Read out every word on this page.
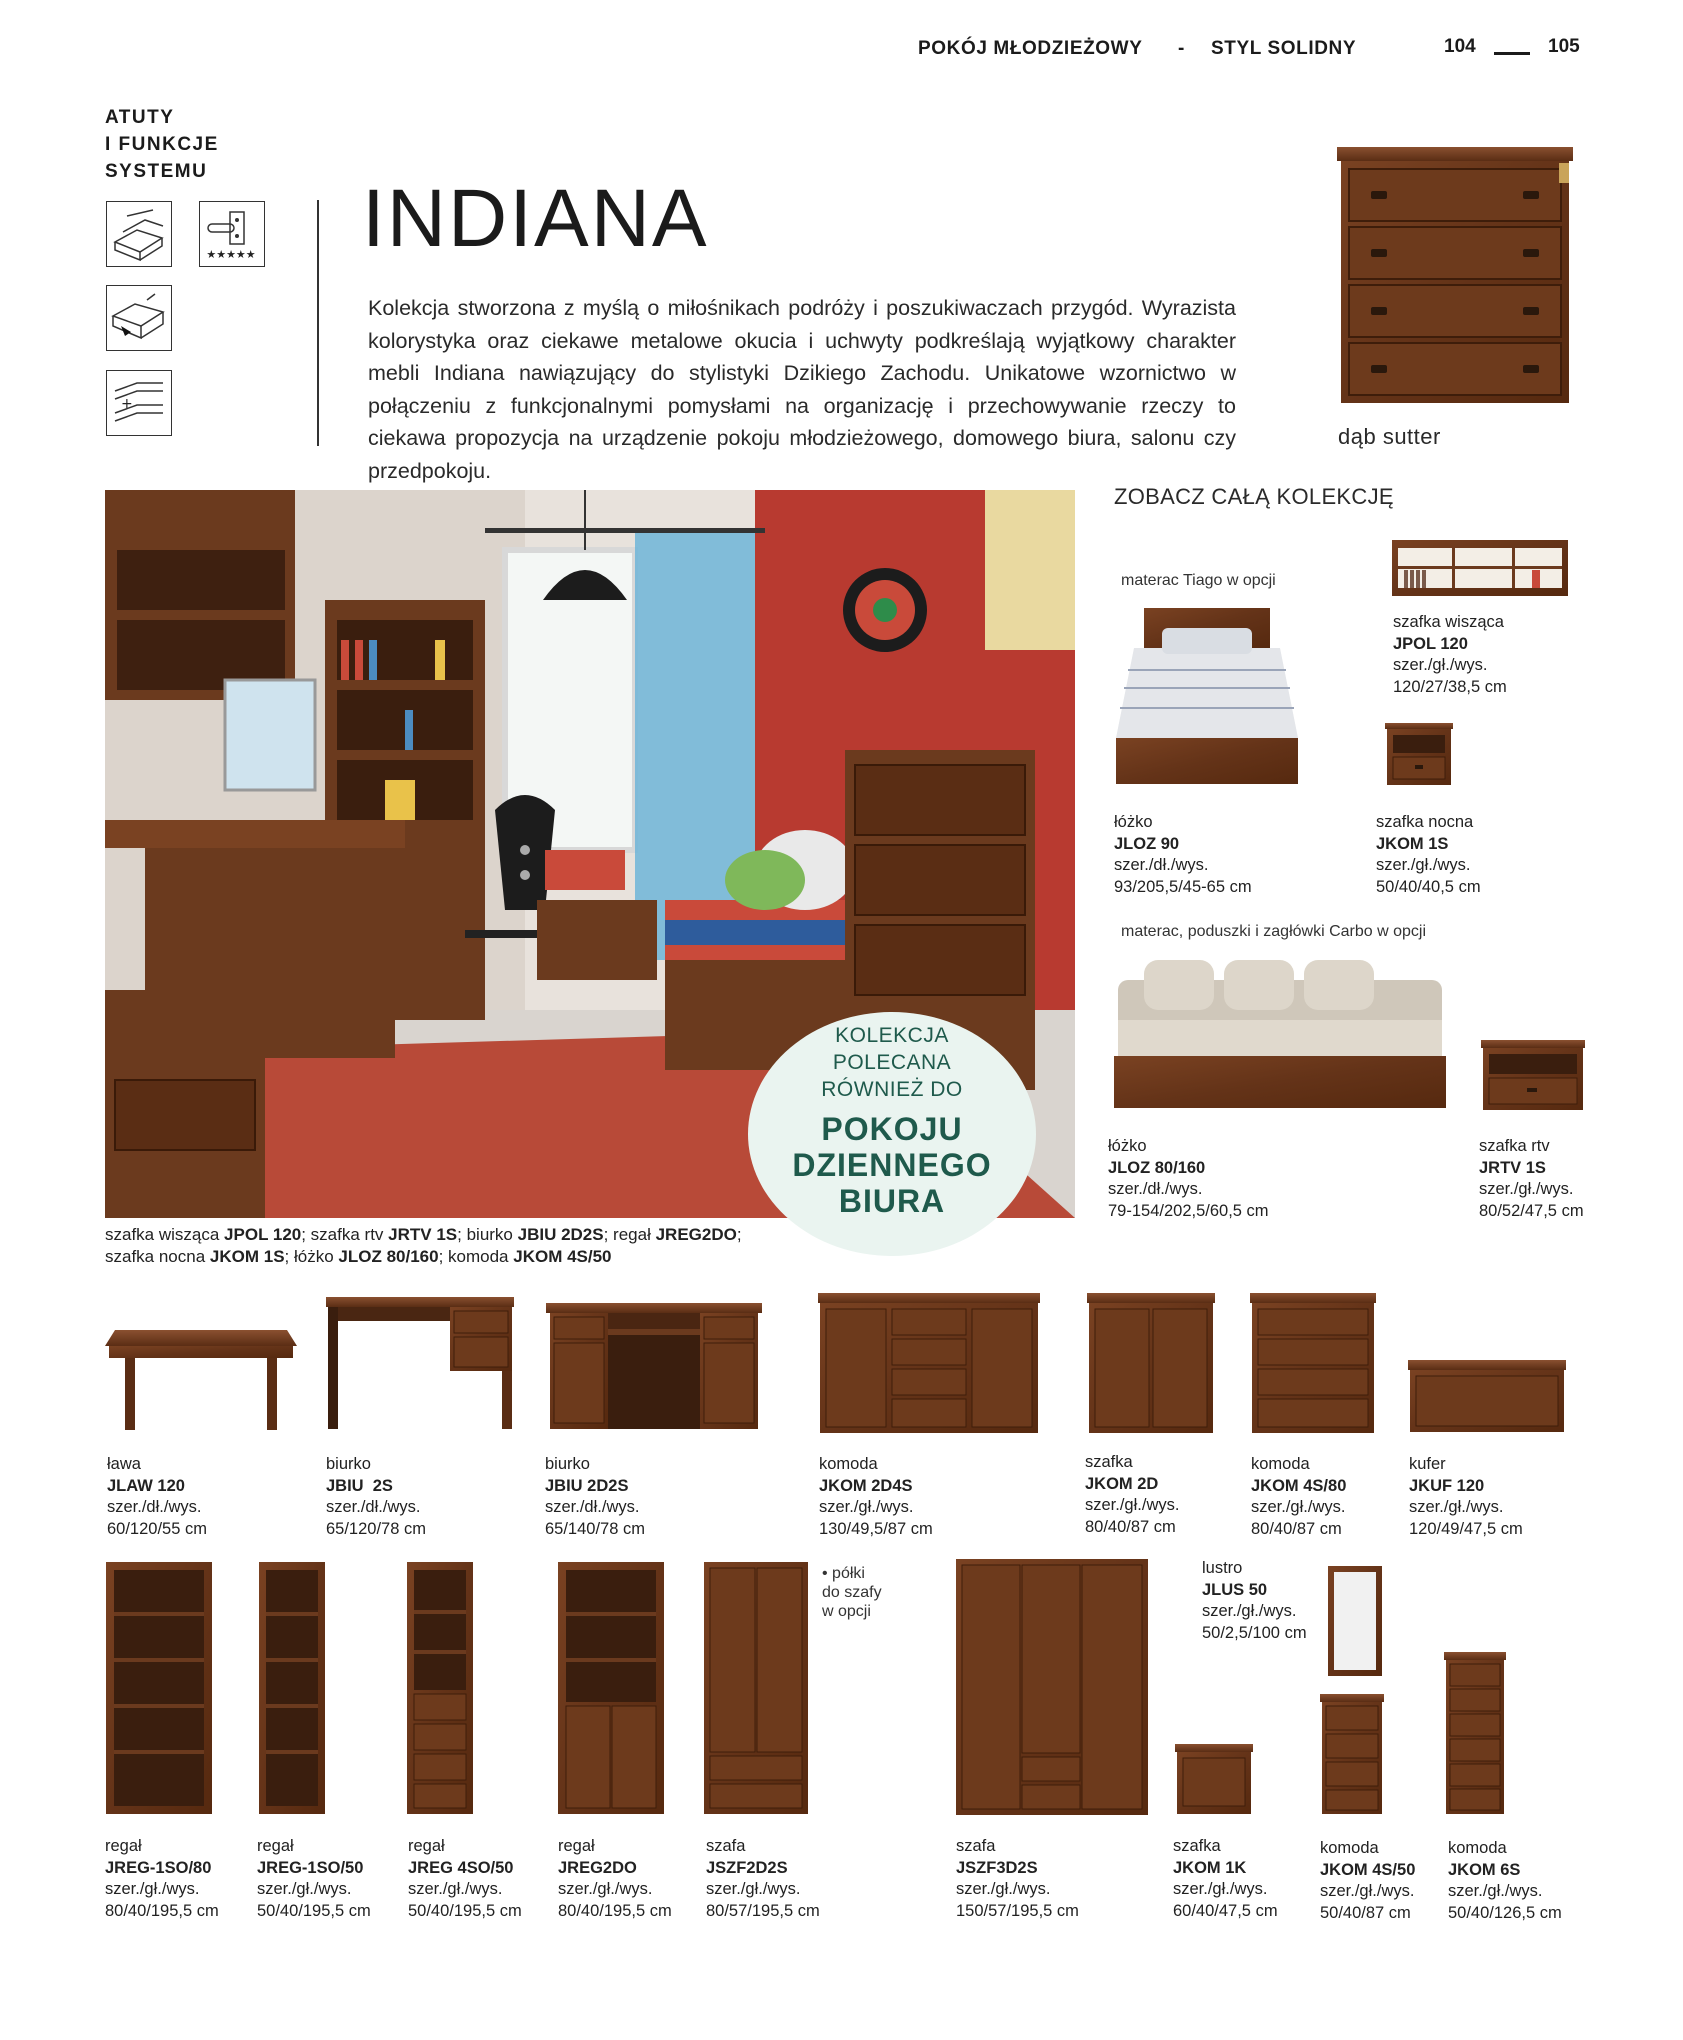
POKÓJ MŁODZIEŻOWY - STYL SOLIDNY	104	105
ATUTY
I FUNKCJE
SYSTEMU
★★★★★
+
INDIANA
Kolekcja stworzona z myślą o miłośnikach podróży i poszukiwaczach przygód. Wyrazista kolorystyka oraz ciekawe metalowe okucia i uchwyty podkreślają wyjątkowy charakter mebli Indiana nawiązujący do stylistyki Dzikiego Zachodu. Unikatowe wzornictwo w połączeniu z funkcjonalnymi pomysłami na organizację i przechowywanie rzeczy to ciekawa propozycja na urządzenie pokoju młodzieżowego, domowego biura, salonu czy przedpokoju.
dąb sutter
KOLEKCJA
POLECANA
RÓWNIEŻ DO
POKOJU
DZIENNEGO
BIURA
szafka wisząca JPOL 120; szafka rtv JRTV 1S; biurko JBIU 2D2S; regał JREG2DO;
szafka nocna JKOM 1S; łóżko JLOZ 80/160; komoda JKOM 4S/50
ZOBACZ CAŁĄ KOLEKCJĘ
materac Tiago w opcji
szafka wisząca
JPOL 120
szer./gł./wys.
120/27/38,5 cm
łóżko
JLOZ 90
szer./dł./wys.
93/205,5/45-65 cm
szafka nocna
JKOM 1S
szer./gł./wys.
50/40/40,5 cm
materac, poduszki i zagłówki Carbo w opcji
łóżko
JLOZ 80/160
szer./dł./wys.
79-154/202,5/60,5 cm
szafka rtv
JRTV 1S
szer./gł./wys.
80/52/47,5 cm
ława
JLAW 120
szer./dł./wys.
60/120/55 cm
biurko
JBIU  2S
szer./dł./wys.
65/120/78 cm
biurko
JBIU 2D2S
szer./dł./wys.
65/140/78 cm
komoda
JKOM 2D4S
szer./gł./wys.
130/49,5/87 cm
szafka
JKOM 2D
szer./gł./wys.
80/40/87 cm
komoda
JKOM 4S/80
szer./gł./wys.
80/40/87 cm
kufer
JKUF 120
szer./gł./wys.
120/49/47,5 cm
• półki
do szafy
w opcji
lustro
JLUS 50
szer./gł./wys.
50/2,5/100 cm
regał
JREG-1SO/80
szer./gł./wys.
80/40/195,5 cm
regał
JREG-1SO/50
szer./gł./wys.
50/40/195,5 cm
regał
JREG 4SO/50
szer./gł./wys.
50/40/195,5 cm
regał
JREG2DO
szer./gł./wys.
80/40/195,5 cm
szafa
JSZF2D2S
szer./gł./wys.
80/57/195,5 cm
szafa
JSZF3D2S
szer./gł./wys.
150/57/195,5 cm
szafka
JKOM 1K
szer./gł./wys.
60/40/47,5 cm
komoda
JKOM 4S/50
szer./gł./wys.
50/40/87 cm
komoda
JKOM 6S
szer./gł./wys.
50/40/126,5 cm
